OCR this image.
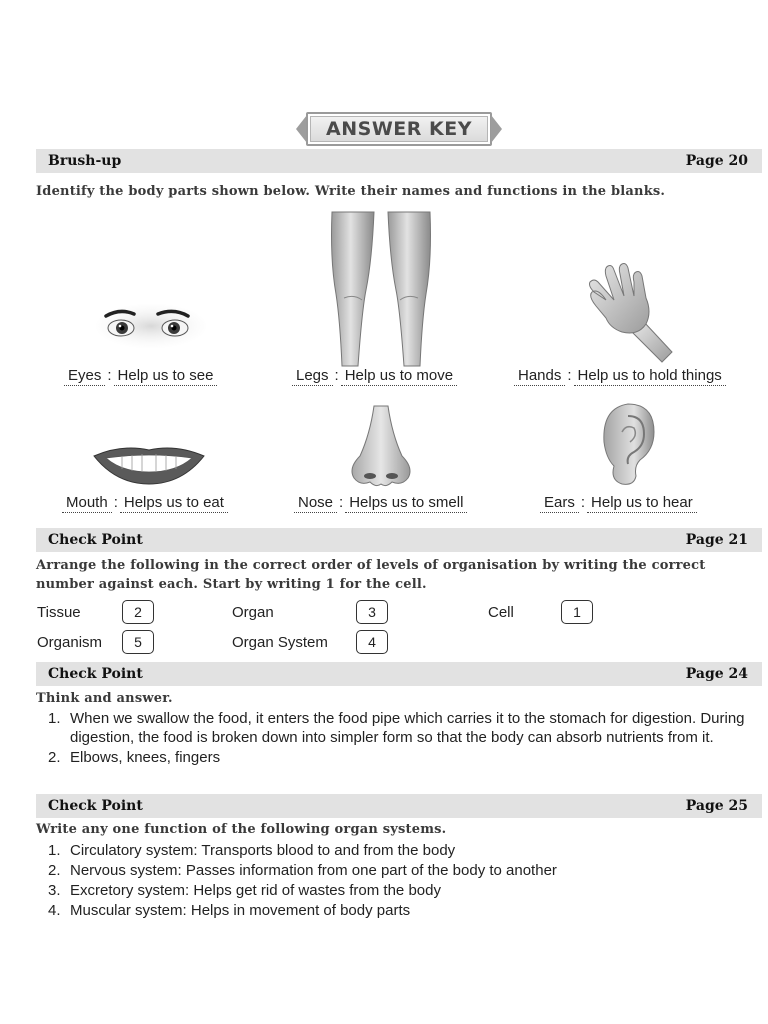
ANSWER KEY
Brush-up	Page 20
Identify the body parts shown below. Write their names and functions in the blanks.
Eyes : Help us to see	Legs : Help us to move	Hands : Help us to hold things
Mouth : Helps us to eat	Nose : Helps us to smell	Ears : Help us to hear
Check Point	Page 21
Arrange the following in the correct order of levels of organisation by writing the correct
number against each. Start by writing 1 for the cell.
Tissue	2	Organ	3	Cell	1
Organism	5	Organ System	4
Check Point	Page 24
Think and answer.
1. When we swallow the food, it enters the food pipe which carries it to the stomach for digestion. During digestion, the food is broken down into simpler form so that the body can absorb nutrients from it.
2. Elbows, knees, fingers
Check Point	Page 25
Write any one function of the following organ systems.
1. Circulatory system: Transports blood to and from the body
2. Nervous system: Passes information from one part of the body to another
3. Excretory system: Helps get rid of wastes from the body
4. Muscular system: Helps in movement of body parts
